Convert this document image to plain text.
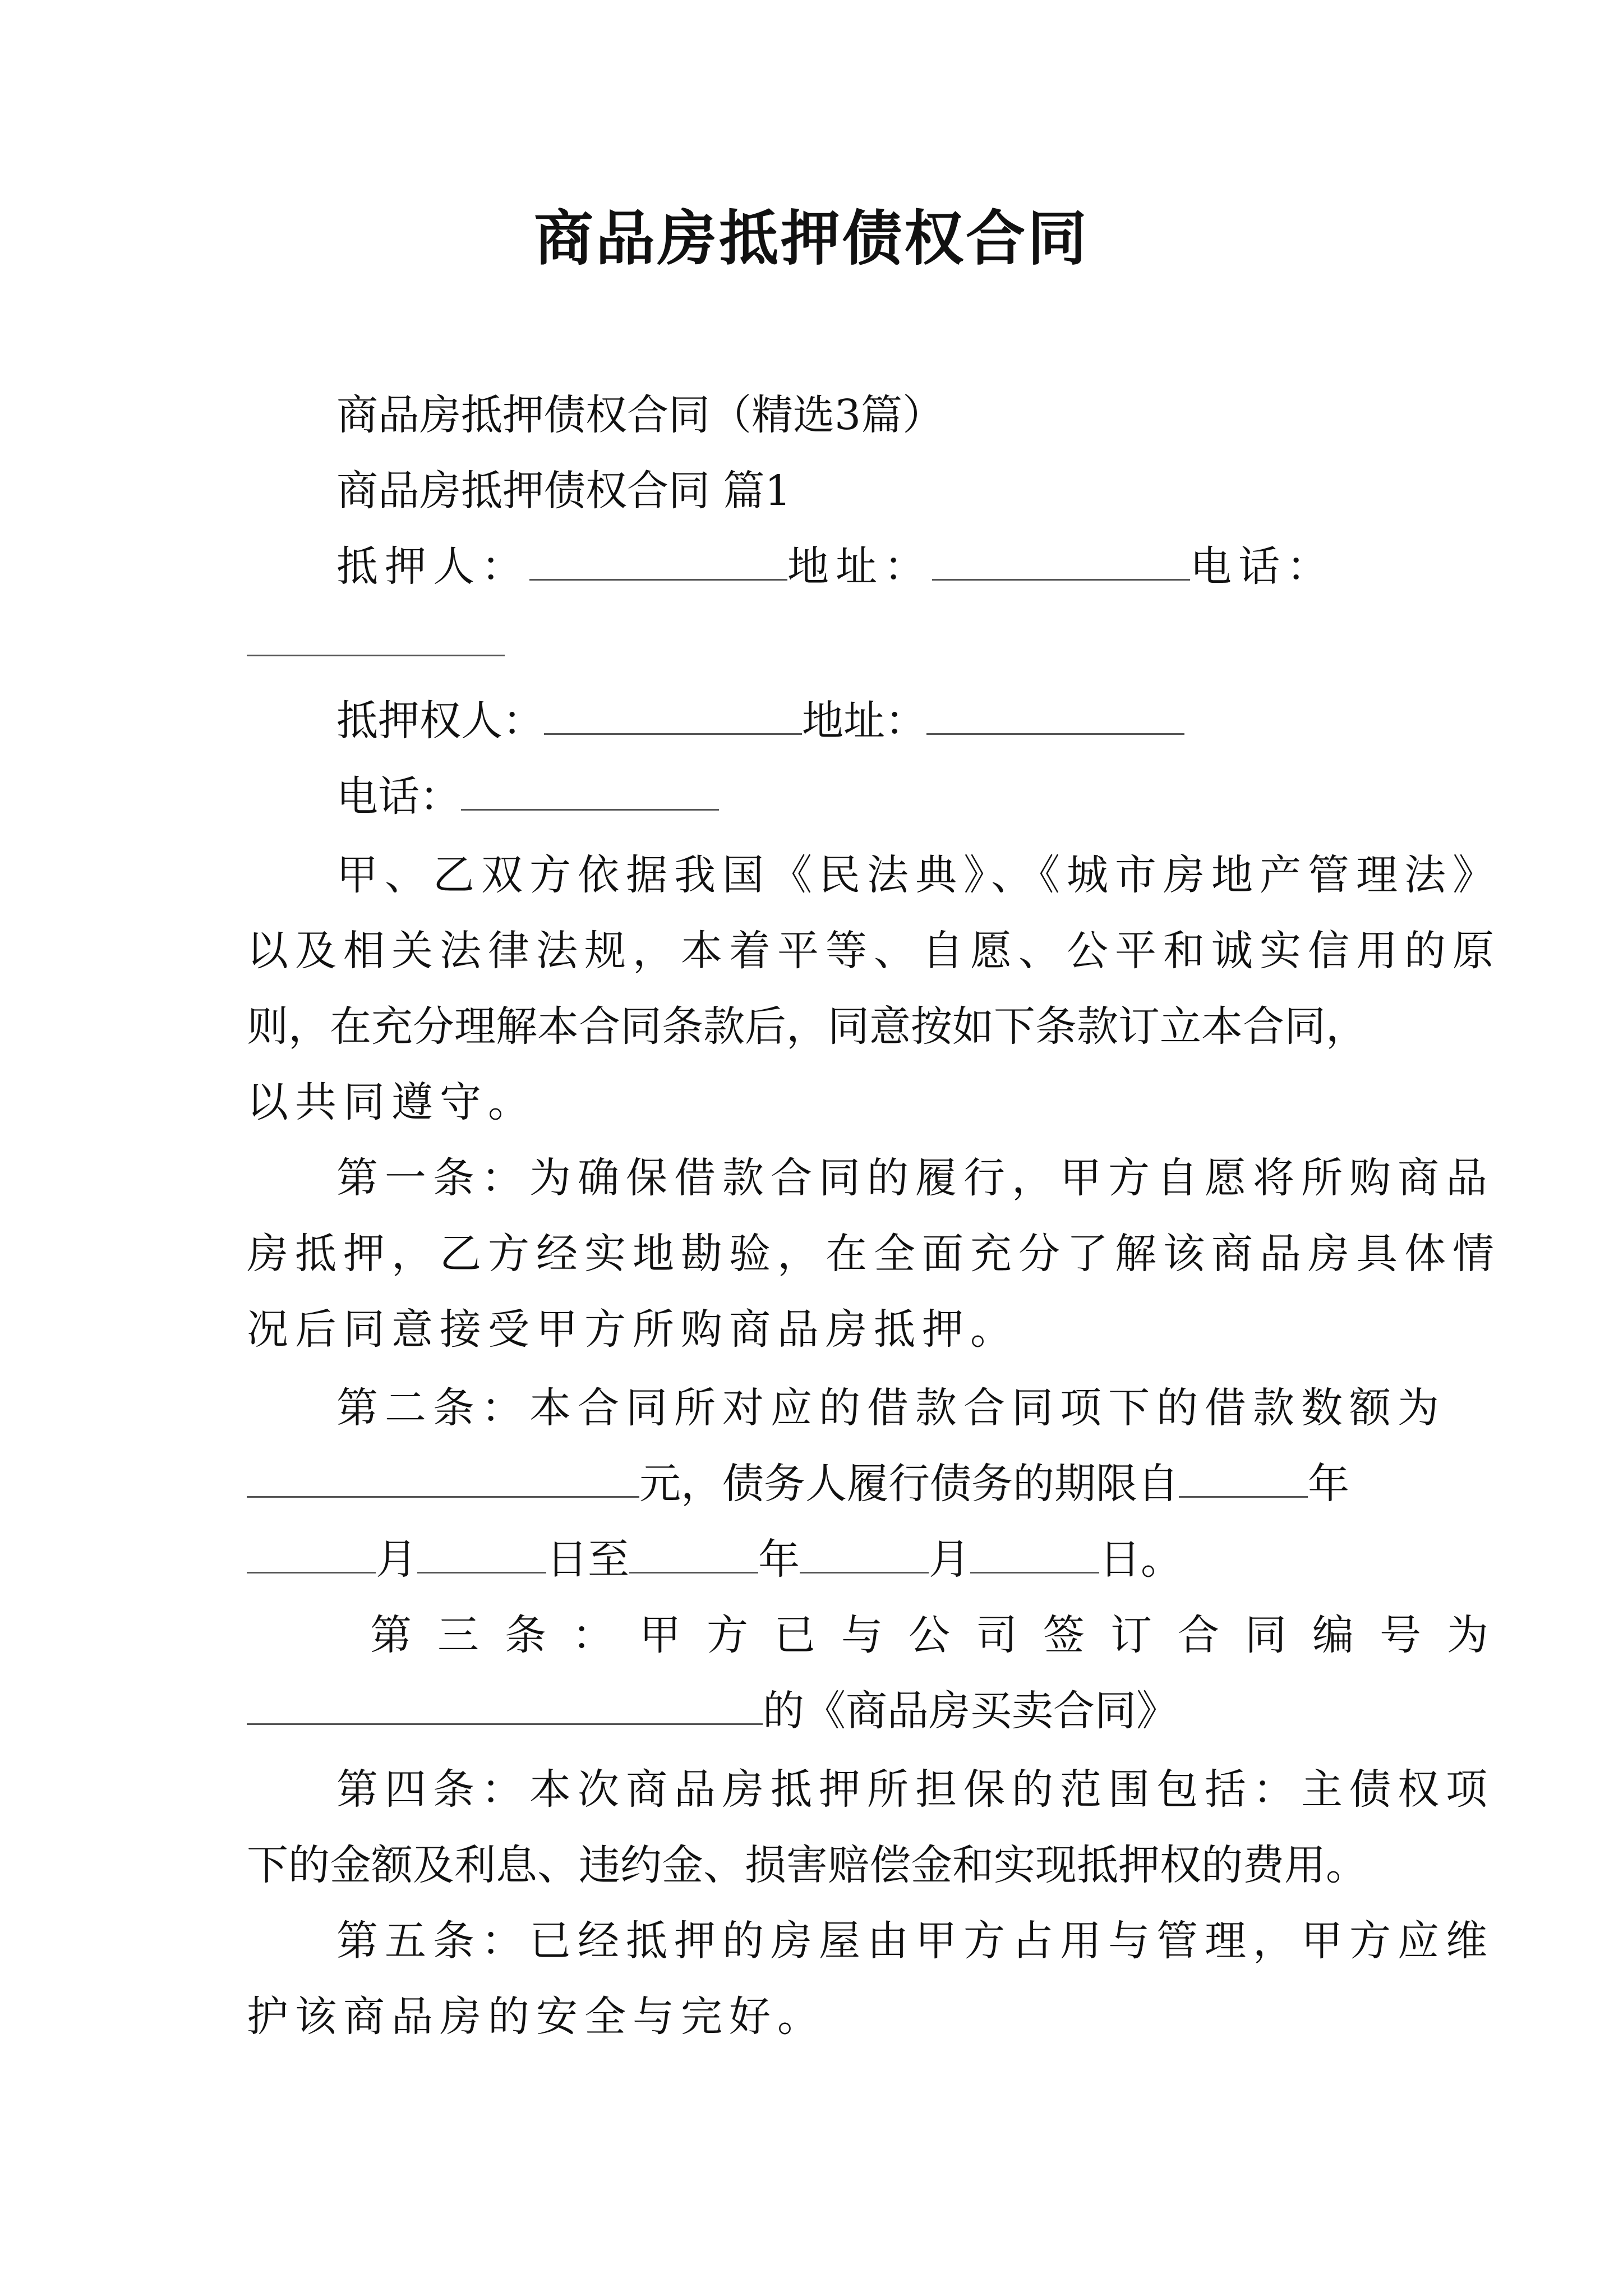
商品房抵押债权合同
商品房抵押债权合同（精选3篇）
商品房抵押债权合同 篇1
抵押人：	地址：	电话：
抵押权人：	地址：
电话：
甲、乙双方依据我国《民法典》、《城市房地产管理法》
以及相关法律法规，本着平等、自愿、公平和诚实信用的原
则，在充分理解本合同条款后，同意按如下条款订立本合同，
以共同遵守。
第一条：为确保借款合同的履行，甲方自愿将所购商品
房抵押，乙方经实地勘验，在全面充分了解该商品房具体情
况后同意接受甲方所购商品房抵押。
第二条：本合同所对应的借款合同项下的借款数额为
元，债务人履行债务的期限自	年
月	日至	年	月	日。
第三条：甲方已与公司签订合同编号为
的《商品房买卖合同》
第四条：本次商品房抵押所担保的范围包括：主债权项
下的金额及利息、违约金、损害赔偿金和实现抵押权的费用。
第五条：已经抵押的房屋由甲方占用与管理，甲方应维
护该商品房的安全与完好。
